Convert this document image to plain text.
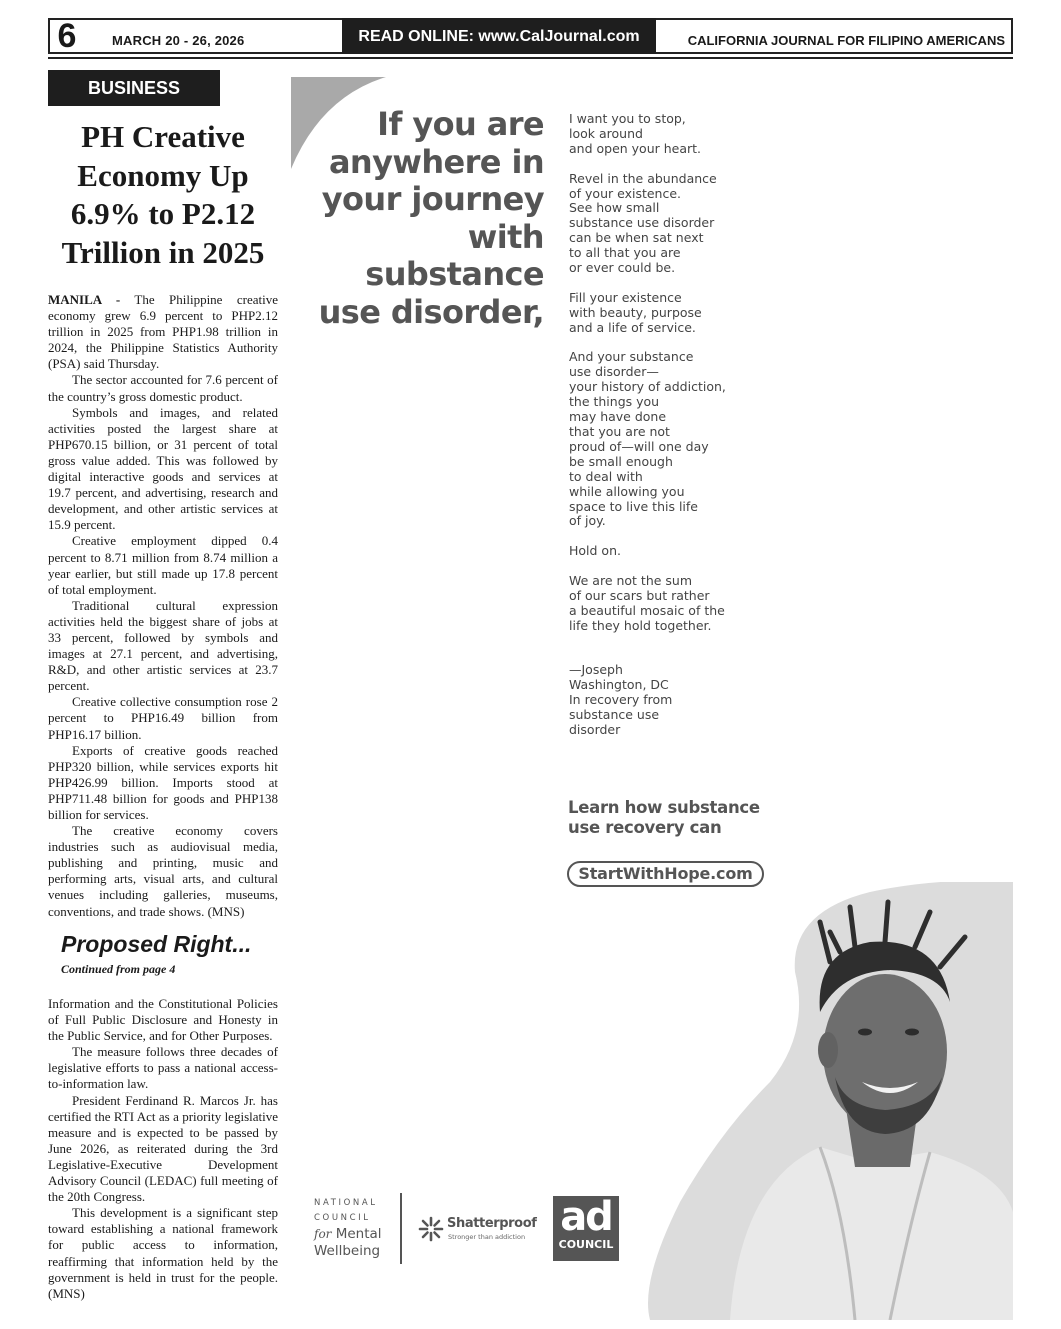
6	MARCH 20 - 26, 2026	READ ONLINE: www.CalJournal.com	CALIFORNIA JOURNAL FOR FILIPINO AMERICANS
BUSINESS
PH Creative Economy Up 6.9% to P2.12 Trillion in 2025

MANILA - The Philippine creative economy grew 6.9 percent to PHP2.12 trillion in 2025 from PHP1.98 trillion in 2024, the Philippine Statistics Authority (PSA) said Thursday.

The sector accounted for 7.6 percent of the country’s gross domestic product.

Symbols and images, and related activities posted the largest share at PHP670.15 billion, or 31 percent of total gross value added. This was followed by digital interactive goods and services at 19.7 percent, and advertising, research and development, and other artistic services at 15.9 percent.

Creative employment dipped 0.4 percent to 8.71 million from 8.74 million a year earlier, but still made up 17.8 percent of total employment.

Traditional cultural expression activities held the biggest share of jobs at 33 percent, followed by symbols and images at 27.1 percent, and advertising, R&D, and other artistic services at 23.7 percent.

Creative collective consumption rose 2 percent to PHP16.49 billion from PHP16.17 billion.

Exports of creative goods reached PHP320 billion, while services exports hit PHP426.99 billion. Imports stood at PHP711.48 billion for goods and PHP138 billion for services.

The creative economy covers industries such as audiovisual media, publishing and printing, music and performing arts, visual arts, and cultural venues including galleries, museums, conventions, and trade shows. (MNS)

Proposed Right...
Continued from page 4

Information and the Constitutional Policies of Full Public Disclosure and Honesty in the Public Service, and for Other Purposes.

The measure follows three decades of legislative efforts to pass a national access-to-information law.

President Ferdinand R. Marcos Jr. has certified the RTI Act as a priority legislative measure and is expected to be passed by June 2026, as reiterated during the 3rd Legislative-Executive Development Advisory Council (LEDAC) full meeting of the 20th Congress.

This development is a significant step toward establishing a national framework for public access to information, reaffirming that information held by the government is held in trust for the people. (MNS)

If you are anywhere in your journey with substance use disorder,
I want you to stop,
look around
and open your heart.
Revel in the abundance
of your existence.
See how small
substance use disorder
can be when sat next
to all that you are
or ever could be.
Fill your existence
with beauty, purpose
and a life of service.
And your substance
use disorder—
your history of addiction,
the things you
may have done
that you are not
proud of—will one day
be small enough
to deal with
while allowing you
space to live this life
of joy.
Hold on.
We are not the sum
of our scars but rather
a beautiful mosaic of the
life they hold together.
—Joseph
Washington, DC
In recovery from
substance use
disorder
Learn how substance use recovery can
StartWithHope.com
NATIONAL
COUNCIL
for Mental
Wellbeing
Shatterproof
Stronger than addiction ad
COUNCIL
